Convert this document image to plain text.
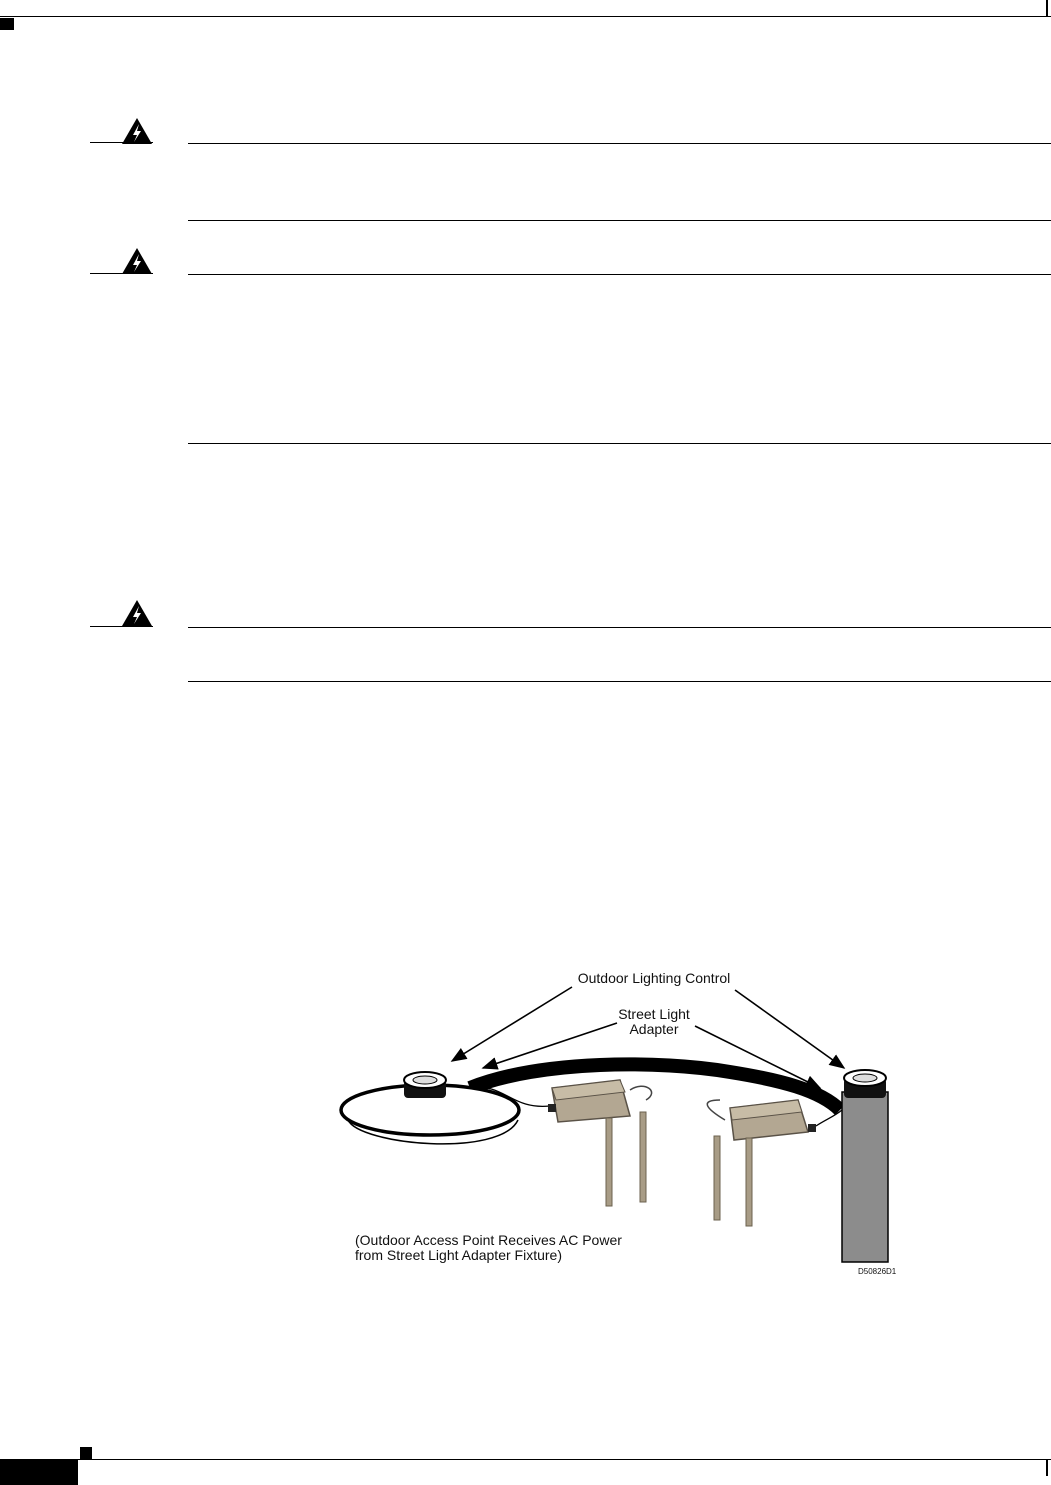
Outdoor Lighting Control
Street Light
Adapter
(Outdoor Access Point Receives AC Power
from Street Light Adapter Fixture)
D50826D1
